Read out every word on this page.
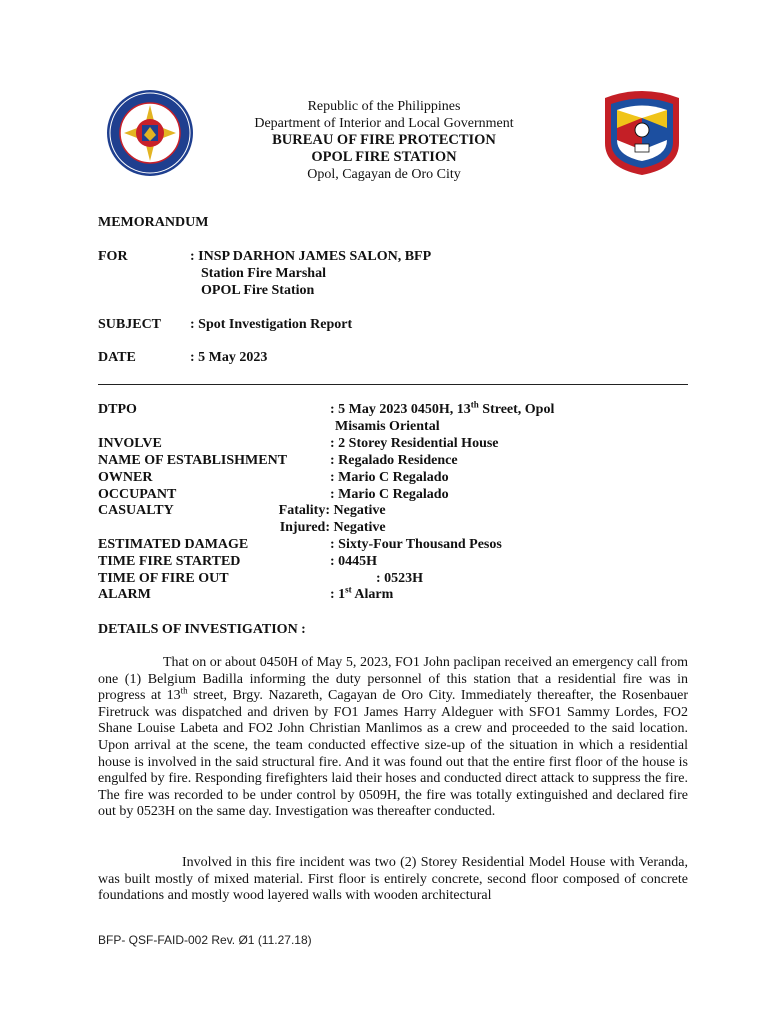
Republic of the Philippines
Department of Interior and Local Government
BUREAU OF FIRE PROTECTION
OPOL FIRE STATION
Opol, Cagayan de Oro City
MEMORANDUM
FOR	: INSP DARHON JAMES SALON, BFP
Station Fire Marshal
OPOL Fire Station
SUBJECT : Spot Investigation Report
DATE	: 5 May 2023
DTPO	: 5 May 2023 0450H, 13th Street, Opol
Misamis Oriental
INVOLVE	: 2 Storey Residential House
NAME OF ESTABLISHMENT	: Regalado Residence
OWNER	: Mario C Regalado
OCCUPANT	: Mario C Regalado
CASUALTY	Fatality: Negative
Injured: Negative
ESTIMATED DAMAGE	: Sixty-Four Thousand Pesos
TIME FIRE STARTED	: 0445H
TIME OF FIRE OUT	: 0523H
ALARM	: 1st Alarm
DETAILS OF INVESTIGATION :

That on or about 0450H of May 5, 2023, FO1 John paclipan received an emergency call from one (1) Belgium Badilla informing the duty personnel of this station that a residential fire was in progress at 13th street, Brgy. Nazareth, Cagayan de Oro City. Immediately thereafter, the Rosenbauer Firetruck was dispatched and driven by FO1 James Harry Aldeguer with SFO1 Sammy Lordes, FO2 Shane Louise Labeta and FO2 John Christian Manlimos as a crew and proceeded to the said location. Upon arrival at the scene, the team conducted effective size-up of the situation in which a residential house is involved in the said structural fire. And it was found out that the entire first floor of the house is engulfed by fire. Responding firefighters laid their hoses and conducted direct attack to suppress the fire. The fire was recorded to be under control by 0509H, the fire was totally extinguished and declared fire out by 0523H on the same day. Investigation was thereafter conducted.

Involved in this fire incident was two (2) Storey Residential Model House with Veranda, was built mostly of mixed material. First floor is entirely concrete, second floor composed of concrete foundations and mostly wood layered walls with wooden architectural

BFP- QSF-FAID-002 Rev. Ø1 (11.27.18)
